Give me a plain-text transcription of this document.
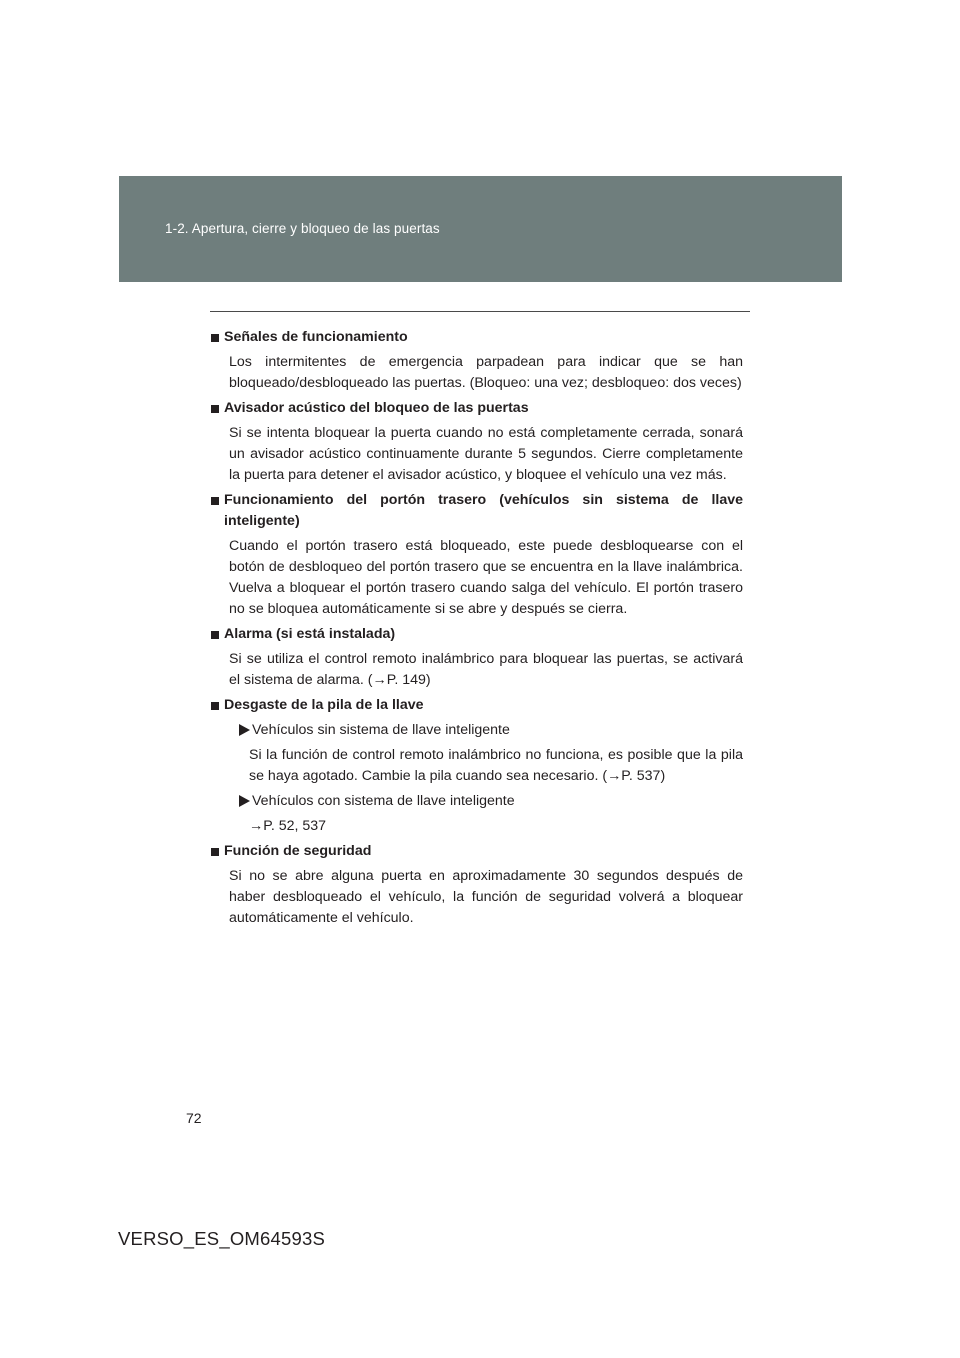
1-2. Apertura, cierre y bloqueo de las puertas
Señales de funcionamiento
Los intermitentes de emergencia parpadean para indicar que se han bloqueado/desbloqueado las puertas. (Bloqueo: una vez; desbloqueo: dos veces)
Avisador acústico del bloqueo de las puertas
Si se intenta bloquear la puerta cuando no está completamente cerrada, sonará un avisador acústico continuamente durante 5 segundos. Cierre completamente la puerta para detener el avisador acústico, y bloquee el vehículo una vez más.
Funcionamiento del portón trasero (vehículos sin sistema de llave inteligente)
Cuando el portón trasero está bloqueado, este puede desbloquearse con el botón de desbloqueo del portón trasero que se encuentra en la llave inalámbrica. Vuelva a bloquear el portón trasero cuando salga del vehículo. El portón trasero no se bloquea automáticamente si se abre y después se cierra.
Alarma (si está instalada)
Si se utiliza el control remoto inalámbrico para bloquear las puertas, se activará el sistema de alarma. (→P. 149)
Desgaste de la pila de la llave
Vehículos sin sistema de llave inteligente
Si la función de control remoto inalámbrico no funciona, es posible que la pila se haya agotado. Cambie la pila cuando sea necesario. (→P. 537)
Vehículos con sistema de llave inteligente
→P. 52, 537
Función de seguridad
Si no se abre alguna puerta en aproximadamente 30 segundos después de haber desbloqueado el vehículo, la función de seguridad volverá a bloquear automáticamente el vehículo.
72
VERSO_ES_OM64593S
